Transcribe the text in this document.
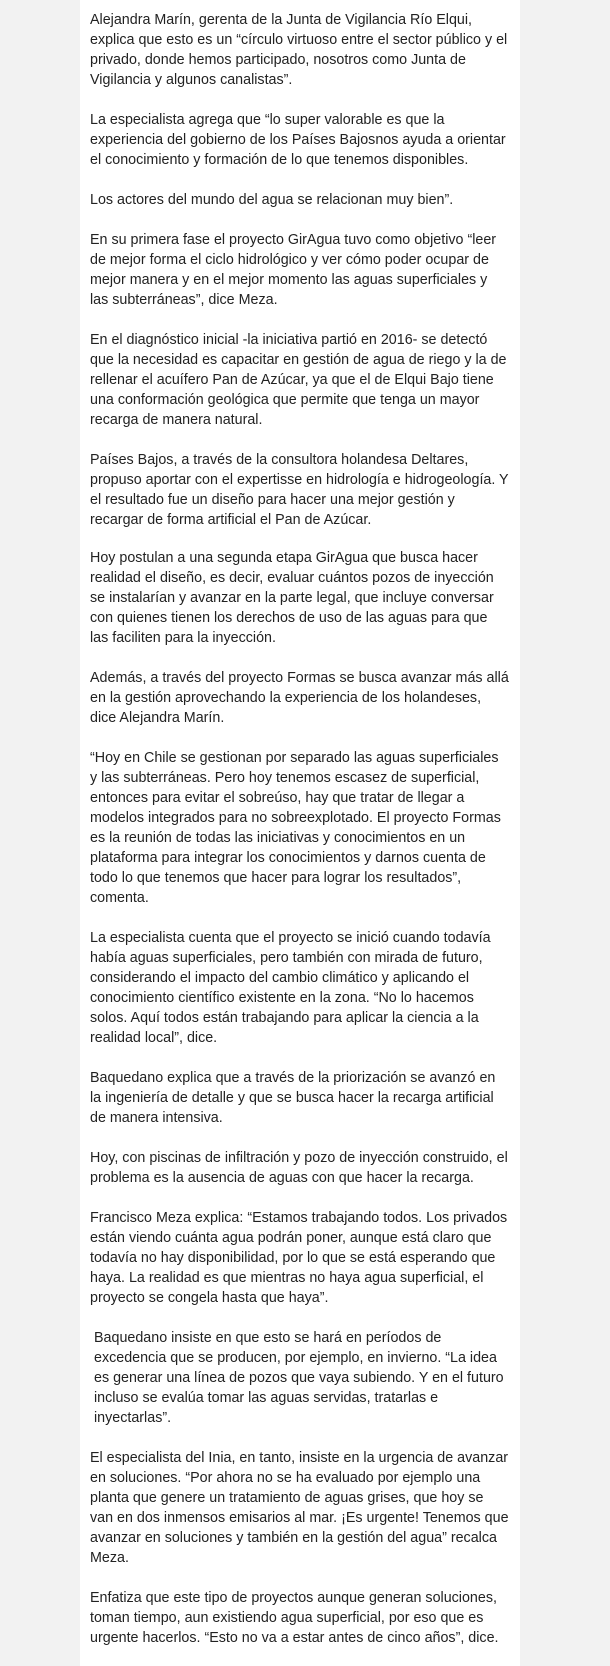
Alejandra Marín, gerenta de la Junta de Vigilancia Río Elqui,
explica que esto es un “círculo virtuoso entre el sector público y el
privado, donde hemos participado, nosotros como Junta de
Vigilancia y algunos canalistas”.

La especialista agrega que “lo super valorable es que la
experiencia del gobierno de los Países Bajosnos ayuda a orientar
el conocimiento y formación de lo que tenemos disponibles.

Los actores del mundo del agua se relacionan muy bien”.

En su primera fase el proyecto GirAgua tuvo como objetivo “leer
de mejor forma el ciclo hidrológico y ver cómo poder ocupar de
mejor manera y en el mejor momento las aguas superficiales y
las subterráneas”, dice Meza.

En el diagnóstico inicial -la iniciativa partió en 2016- se detectó
que la necesidad es capacitar en gestión de agua de riego y la de
rellenar el acuífero Pan de Azúcar, ya que el de Elqui Bajo tiene
una conformación geológica que permite que tenga un mayor
recarga de manera natural.

Países Bajos, a través de la consultora holandesa Deltares,
propuso aportar con el expertisse en hidrología e hidrogeología. Y
el resultado fue un diseño para hacer una mejor gestión y
recargar de forma artificial el Pan de Azúcar.

Hoy postulan a una segunda etapa GirAgua que busca hacer
realidad el diseño, es decir, evaluar cuántos pozos de inyección
se instalarían y avanzar en la parte legal, que incluye conversar
con quienes tienen los derechos de uso de las aguas para que
las faciliten para la inyección.

Además, a través del proyecto Formas se busca avanzar más allá
en la gestión aprovechando la experiencia de los holandeses,
dice Alejandra Marín.

“Hoy en Chile se gestionan por separado las aguas superficiales
y las subterráneas. Pero hoy tenemos escasez de superficial,
entonces para evitar el sobreúso, hay que tratar de llegar a
modelos integrados para no sobreexplotado. El proyecto Formas
es la reunión de todas las iniciativas y conocimientos en un
plataforma para integrar los conocimientos y darnos cuenta de
todo lo que tenemos que hacer para lograr los resultados”,
comenta.

La especialista cuenta que el proyecto se inició cuando todavía
había aguas superficiales, pero también con mirada de futuro,
considerando el impacto del cambio climático y aplicando el
conocimiento científico existente en la zona. “No lo hacemos
solos. Aquí todos están trabajando para aplicar la ciencia a la
realidad local”, dice.

Baquedano explica que a través de la priorización se avanzó en
la ingeniería de detalle y que se busca hacer la recarga artificial
de manera intensiva.

Hoy, con piscinas de infiltración y pozo de inyección construido, el
problema es la ausencia de aguas con que hacer la recarga.

Francisco Meza explica: “Estamos trabajando todos. Los privados
están viendo cuánta agua podrán poner, aunque está claro que
todavía no hay disponibilidad, por lo que se está esperando que
haya. La realidad es que mientras no haya agua superficial, el
proyecto se congela hasta que haya”.

Baquedano insiste en que esto se hará en períodos de
excedencia que se producen, por ejemplo, en invierno. “La idea
es generar una línea de pozos que vaya subiendo. Y en el futuro
incluso se evalúa tomar las aguas servidas, tratarlas e
inyectarlas”.

El especialista del Inia, en tanto, insiste en la urgencia de avanzar
en soluciones. “Por ahora no se ha evaluado por ejemplo una
planta que genere un tratamiento de aguas grises, que hoy se
van en dos inmensos emisarios al mar. ¡Es urgente! Tenemos que
avanzar en soluciones y también en la gestión del agua” recalca
Meza.

Enfatiza que este tipo de proyectos aunque generan soluciones,
toman tiempo, aun existiendo agua superficial, por eso que es
urgente hacerlos. “Esto no va a estar antes de cinco años”, dice.
